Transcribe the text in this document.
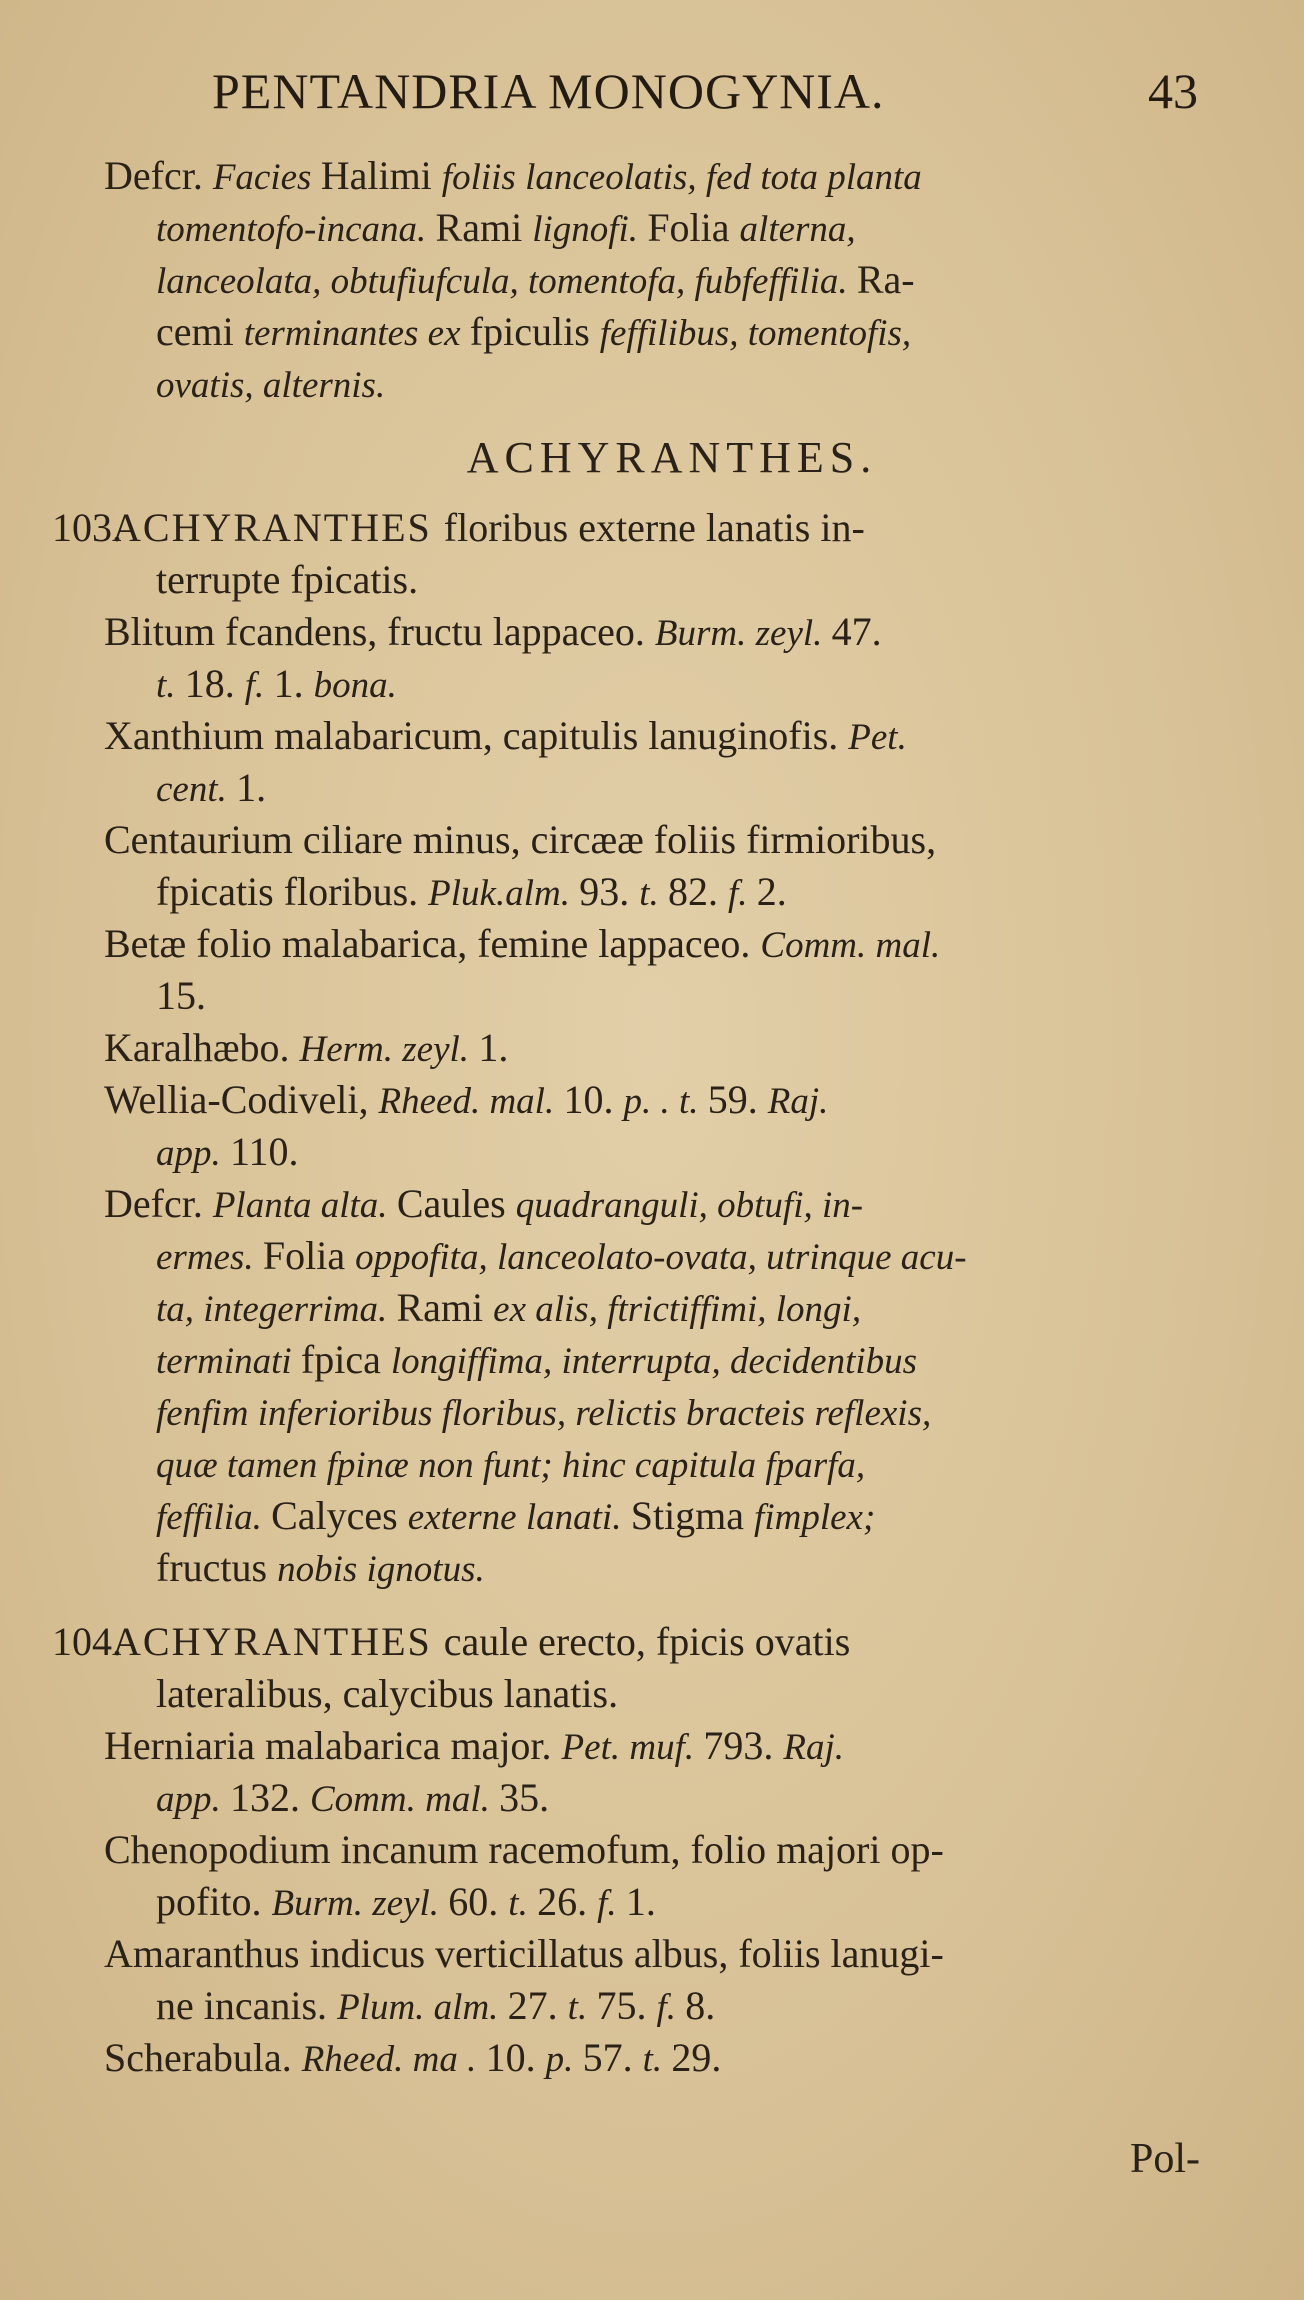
PENTANDRIA MONOGYNIA.	43
Defcr. Facies Halimi foliis lanceolatis, fed tota planta
tomentofo-incana. Rami lignofi. Folia alterna,
lanceolata, obtufiufcula, tomentofa, fubfeffilia. Ra-
cemi terminantes ex fpiculis feffilibus, tomentofis,
ovatis, alternis.
ACHYRANTHES.
103.ACHYRANTHES floribus externe lanatis in-
terrupte fpicatis.
Blitum fcandens, fructu lappaceo. Burm. zeyl. 47.
t. 18. f. 1. bona.
Xanthium malabaricum, capitulis lanuginofis. Pet.
cent. 1.
Centaurium ciliare minus, circææ foliis firmioribus,
fpicatis floribus. Pluk.alm. 93. t. 82. f. 2.
Betæ folio malabarica, femine lappaceo. Comm. mal.
15.
Karalhæbo. Herm. zeyl. 1.
Wellia-Codiveli, Rheed. mal. 10. p. . t. 59. Raj.
app. 110.
Defcr. Planta alta. Caules quadranguli, obtufi, in-
ermes. Folia oppofita, lanceolato-ovata, utrinque acu-
ta, integerrima. Rami ex alis, ftrictiffimi, longi,
terminati fpica longiffima, interrupta, decidentibus
fenfim inferioribus floribus, relictis bracteis reflexis,
quæ tamen fpinæ non funt; hinc capitula fparfa,
feffilia. Calyces externe lanati. Stigma fimplex;
fructus nobis ignotus.
104.ACHYRANTHES caule erecto, fpicis ovatis
lateralibus, calycibus lanatis.
Herniaria malabarica major. Pet. muf. 793. Raj.
app. 132. Comm. mal. 35.
Chenopodium incanum racemofum, folio majori op-
pofito. Burm. zeyl. 60. t. 26. f. 1.
Amaranthus indicus verticillatus albus, foliis lanugi-
ne incanis. Plum. alm. 27. t. 75. f. 8.
Scherabula. Rheed. ma . 10. p. 57. t. 29.
Pol-
